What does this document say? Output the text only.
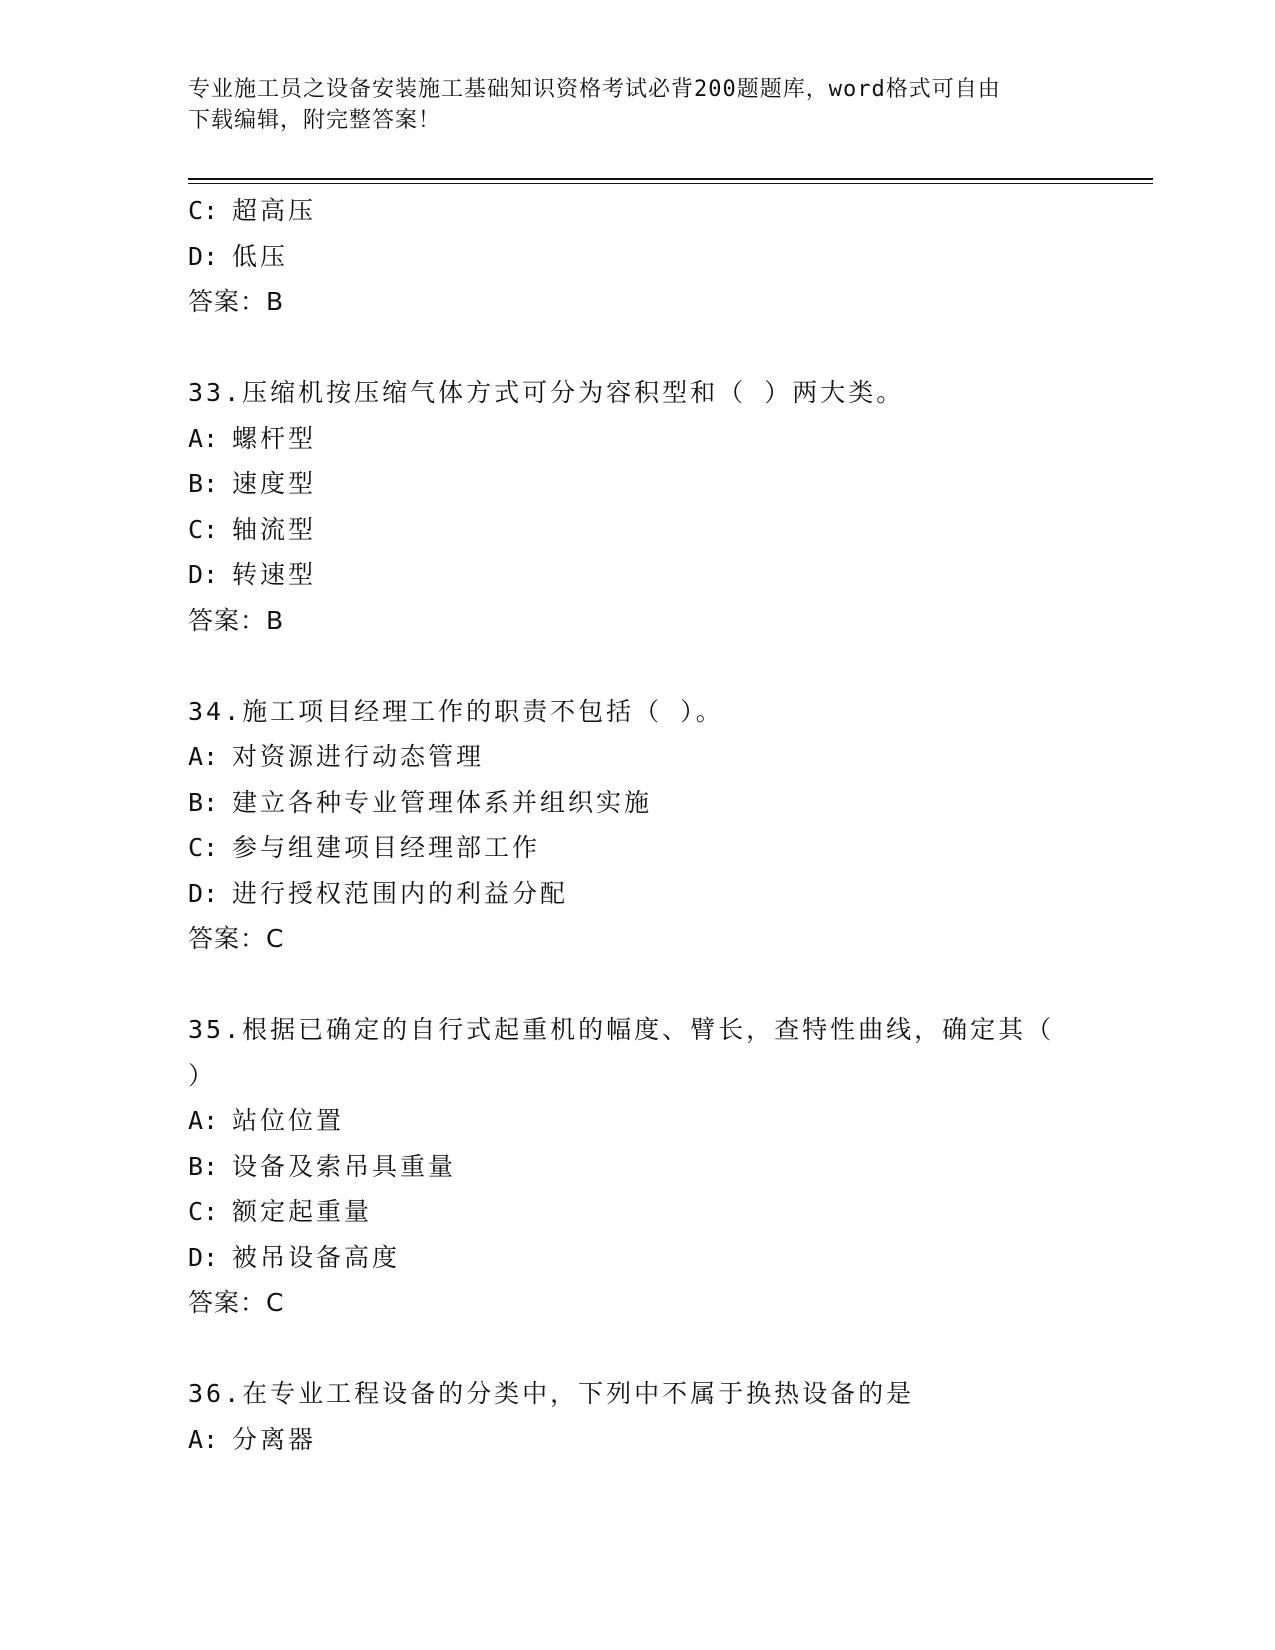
专业施工员之设备安装施工基础知识资格考试必背200题题库，word格式可自由
下载编辑，附完整答案！
C: 超高压
D: 低压
答案：B
33.压缩机按压缩气体方式可分为容积型和（ ）两大类。
A: 螺杆型
B: 速度型
C: 轴流型
D: 转速型
答案：B
34.施工项目经理工作的职责不包括（ ）。
A: 对资源进行动态管理
B: 建立各种专业管理体系并组织实施
C: 参与组建项目经理部工作
D: 进行授权范围内的利益分配
答案：C
35.根据已确定的自行式起重机的幅度、臂长，查特性曲线，确定其（
）
A: 站位位置
B: 设备及索吊具重量
C: 额定起重量
D: 被吊设备高度
答案：C
36.在专业工程设备的分类中，下列中不属于换热设备的是
A: 分离器
